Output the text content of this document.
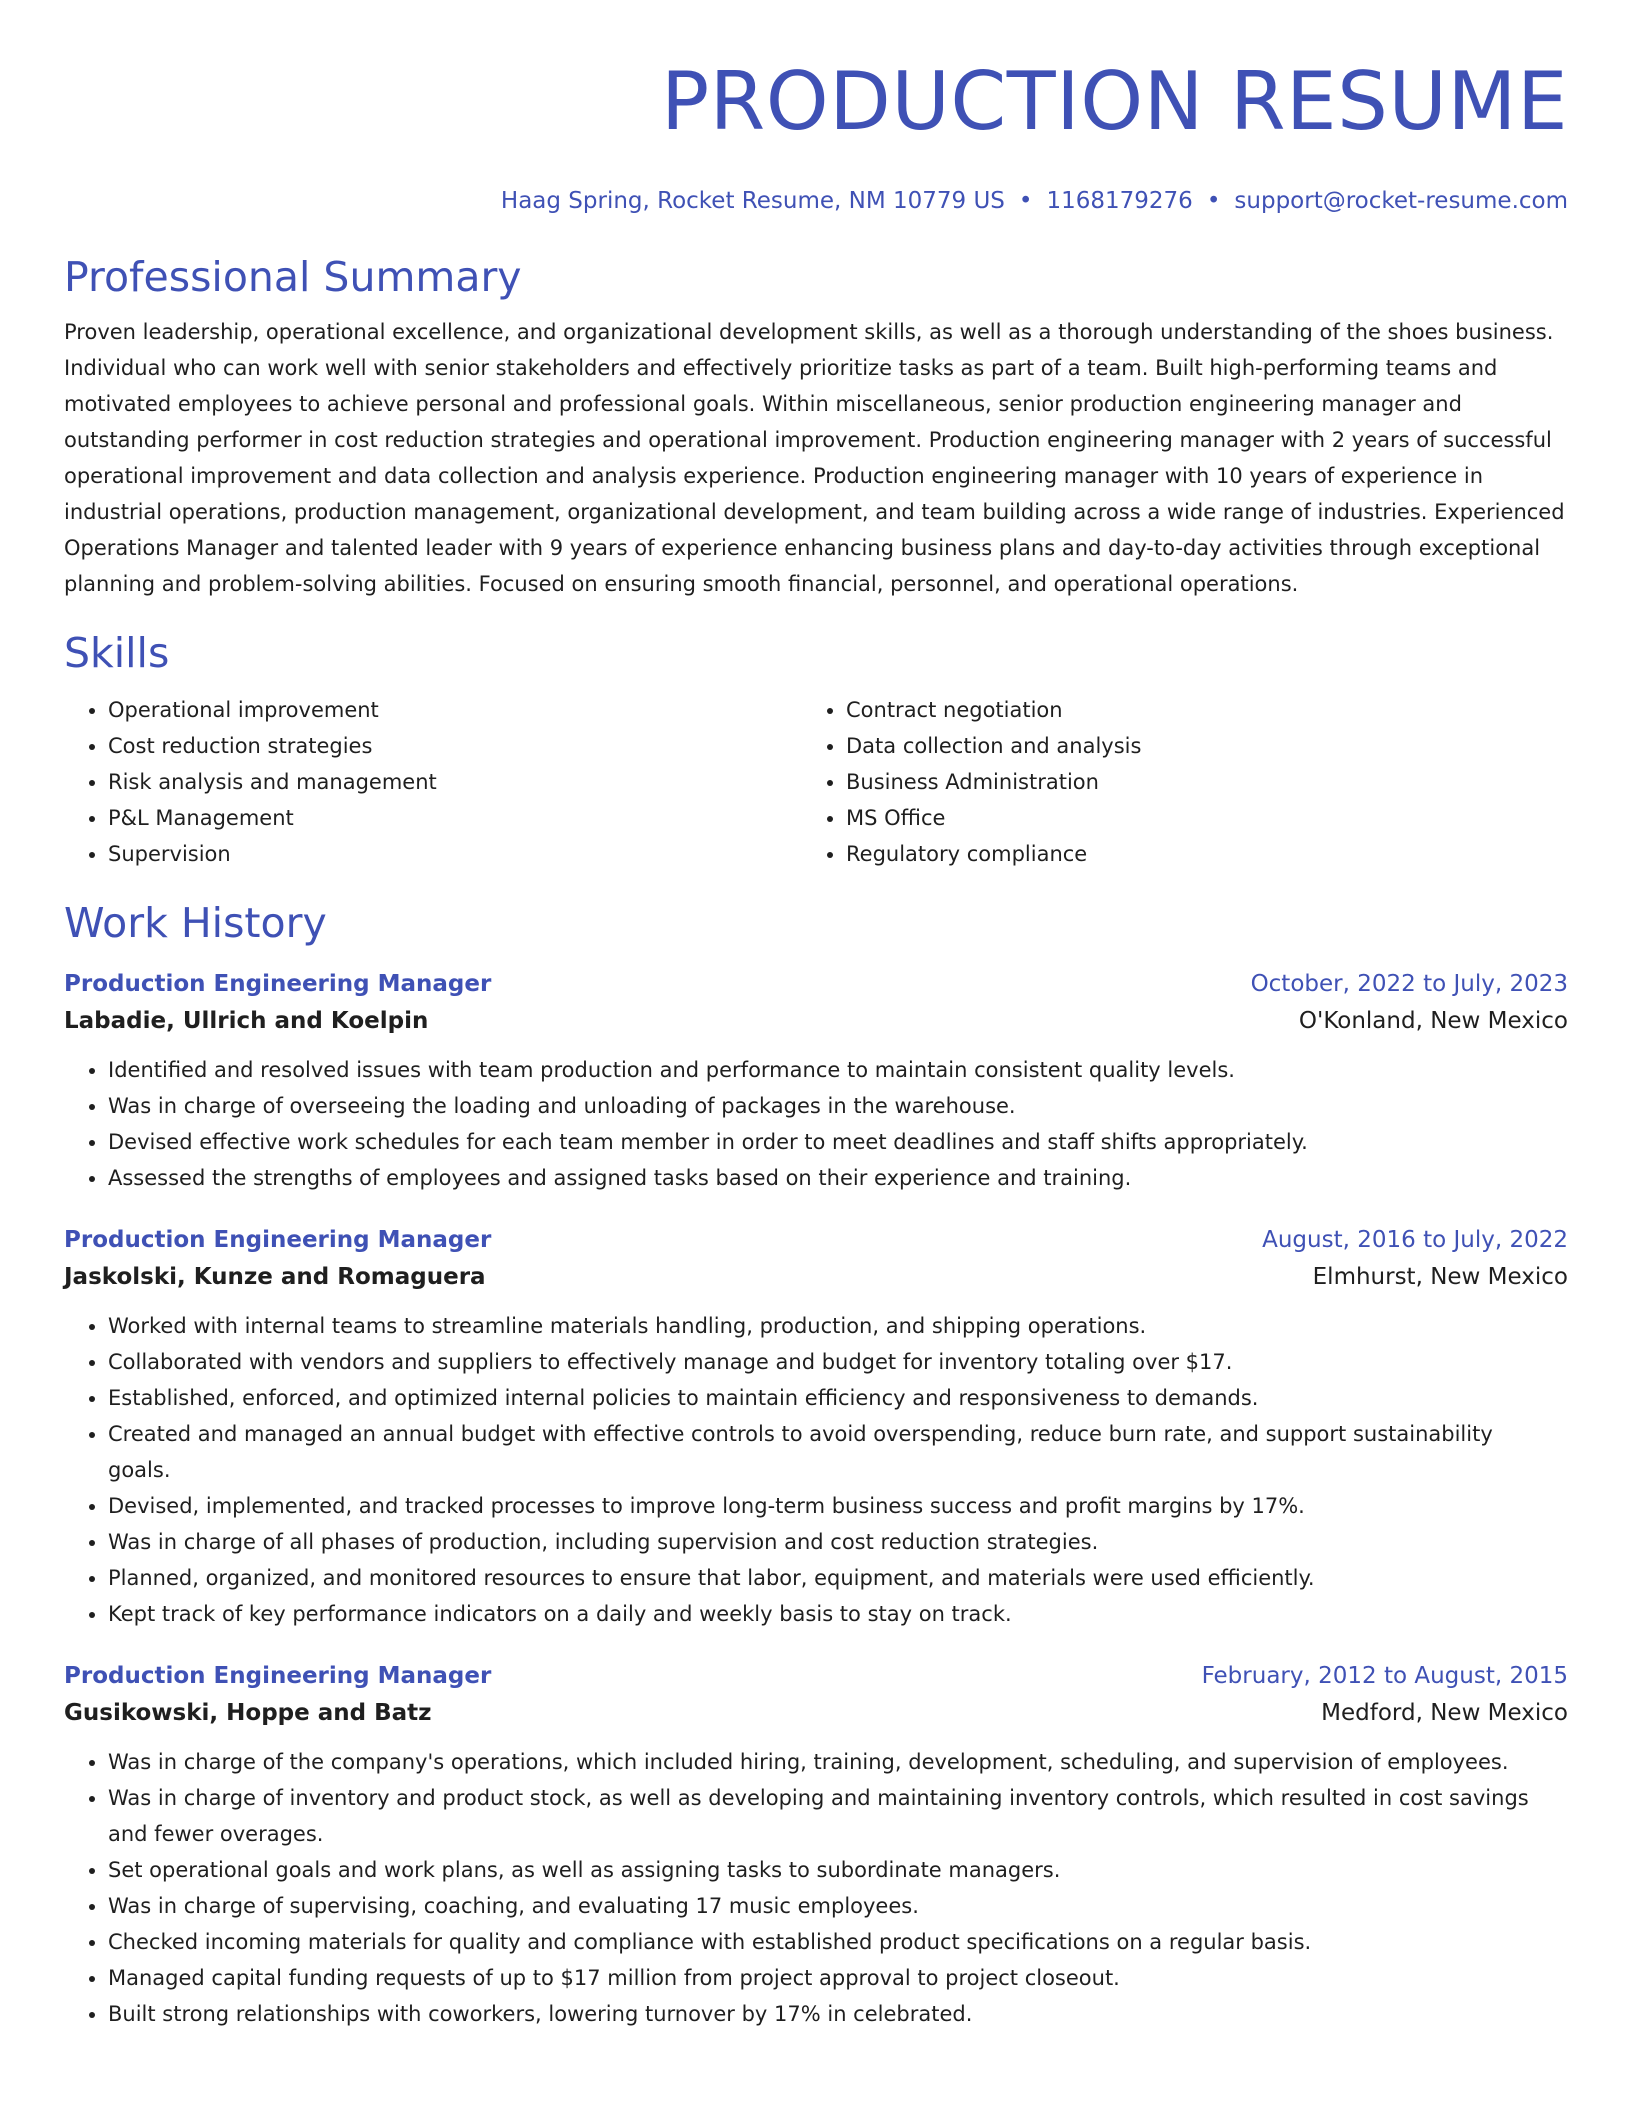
PRODUCTION RESUME
Haag Spring, Rocket Resume, NM 10779 US • 1168179276 • support@rocket-resume.com
Professional Summary

Proven leadership, operational excellence, and organizational development skills, as well as a thorough understanding of the shoes business. Individual who can work well with senior stakeholders and effectively prioritize tasks as part of a team. Built high-performing teams and motivated employees to achieve personal and professional goals. Within miscellaneous, senior production engineering manager and outstanding performer in cost reduction strategies and operational improvement. Production engineering manager with 2 years of successful operational improvement and data collection and analysis experience. Production engineering manager with 10 years of experience in industrial operations, production management, organizational development, and team building across a wide range of industries. Experienced Operations Manager and talented leader with 9 years of experience enhancing business plans and day-to-day activities through exceptional planning and problem-solving abilities. Focused on ensuring smooth financial, personnel, and operational operations.

Skills
• Operational improvement
• Cost reduction strategies
• Risk analysis and management
• P&L Management
• Supervision
• Contract negotiation
• Data collection and analysis
• Business Administration
• MS Office
• Regulatory compliance
Work History
Production Engineering Manager	October, 2022 to July, 2023
Labadie, Ullrich and Koelpin	O'Konland, New Mexico
• Identified and resolved issues with team production and performance to maintain consistent quality levels.
• Was in charge of overseeing the loading and unloading of packages in the warehouse.
• Devised effective work schedules for each team member in order to meet deadlines and staff shifts appropriately.
• Assessed the strengths of employees and assigned tasks based on their experience and training.
Production Engineering Manager	August, 2016 to July, 2022
Jaskolski, Kunze and Romaguera	Elmhurst, New Mexico
• Worked with internal teams to streamline materials handling, production, and shipping operations.
• Collaborated with vendors and suppliers to effectively manage and budget for inventory totaling over $17.
• Established, enforced, and optimized internal policies to maintain efficiency and responsiveness to demands.
• Created and managed an annual budget with effective controls to avoid overspending, reduce burn rate, and support sustainability goals.
• Devised, implemented, and tracked processes to improve long-term business success and profit margins by 17%.
• Was in charge of all phases of production, including supervision and cost reduction strategies.
• Planned, organized, and monitored resources to ensure that labor, equipment, and materials were used efficiently.
• Kept track of key performance indicators on a daily and weekly basis to stay on track.
Production Engineering Manager	February, 2012 to August, 2015
Gusikowski, Hoppe and Batz	Medford, New Mexico
• Was in charge of the company's operations, which included hiring, training, development, scheduling, and supervision of employees.
• Was in charge of inventory and product stock, as well as developing and maintaining inventory controls, which resulted in cost savings and fewer overages.
• Set operational goals and work plans, as well as assigning tasks to subordinate managers.
• Was in charge of supervising, coaching, and evaluating 17 music employees.
• Checked incoming materials for quality and compliance with established product specifications on a regular basis.
• Managed capital funding requests of up to $17 million from project approval to project closeout.
• Built strong relationships with coworkers, lowering turnover by 17% in celebrated.
